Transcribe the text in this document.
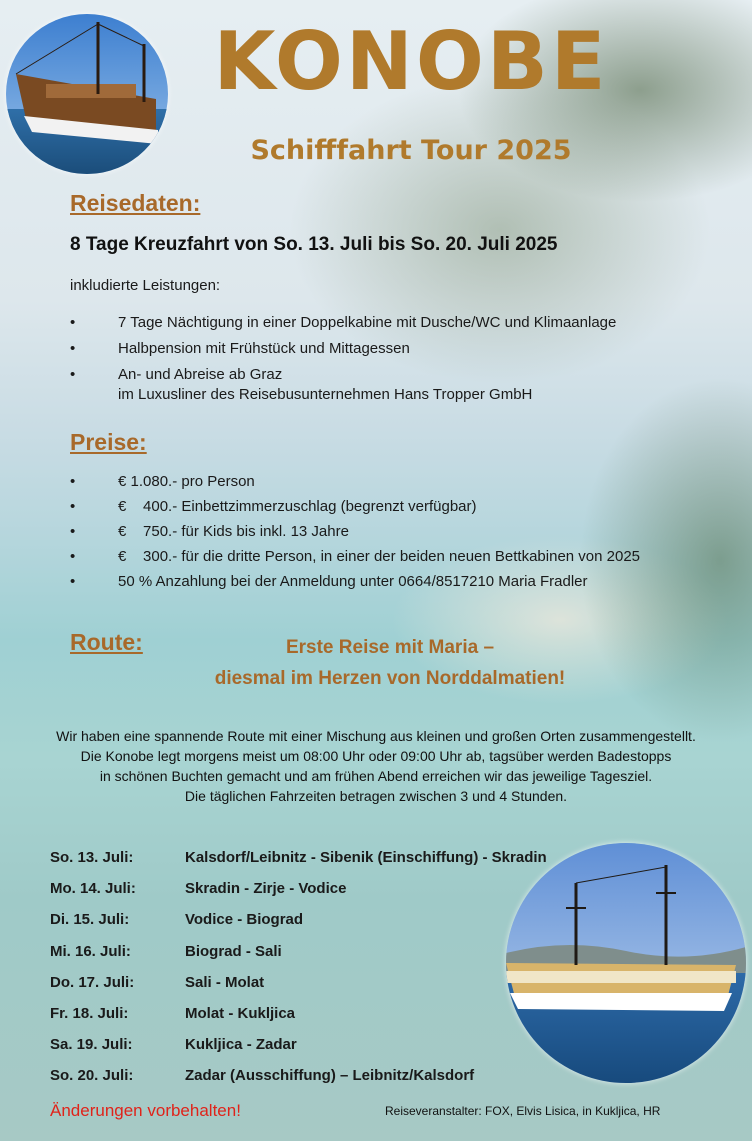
KONOBE
Schifffahrt Tour 2025
Reisedaten:
8 Tage Kreuzfahrt von So. 13. Juli bis So. 20. Juli 2025
inkludierte Leistungen:
•	7 Tage Nächtigung in einer Doppelkabine mit Dusche/WC und Klimaanlage
•	Halbpension mit Frühstück und Mittagessen
•	An- und Abreise ab Graz
im Luxusliner des Reisebusunternehmen Hans Tropper GmbH
Preise:
•	€ 1.080.- pro Person
•	€    400.- Einbettzimmerzuschlag (begrenzt verfügbar)
•	€    750.- für Kids bis inkl. 13 Jahre
•	€    300.- für die dritte Person, in einer der beiden neuen Bettkabinen von 2025
•	50 % Anzahlung bei der Anmeldung unter 0664/8517210 Maria Fradler
Route:	Erste Reise mit Maria –
diesmal im Herzen von Norddalmatien!
Wir haben eine spannende Route mit einer Mischung aus kleinen und großen Orten zusammengestellt.
Die Konobe legt morgens meist um 08:00 Uhr oder 09:00 Uhr ab, tagsüber werden Badestopps
in schönen Buchten gemacht und am frühen Abend erreichen wir das jeweilige Tagesziel.
Die täglichen Fahrzeiten betragen zwischen 3 und 4 Stunden.
So. 13. Juli:	Kalsdorf/Leibnitz - Sibenik (Einschiffung) - Skradin
Mo. 14. Juli:	Skradin - Zirje - Vodice
Di. 15. Juli:	Vodice - Biograd
Mi. 16. Juli:	Biograd - Sali
Do. 17. Juli:	Sali - Molat
Fr. 18. Juli:	Molat - Kukljica
Sa. 19. Juli:	Kukljica - Zadar
So. 20. Juli:	Zadar (Ausschiffung) – Leibnitz/Kalsdorf
Änderungen vorbehalten!	Reiseveranstalter: FOX, Elvis Lisica, in Kukljica, HR
